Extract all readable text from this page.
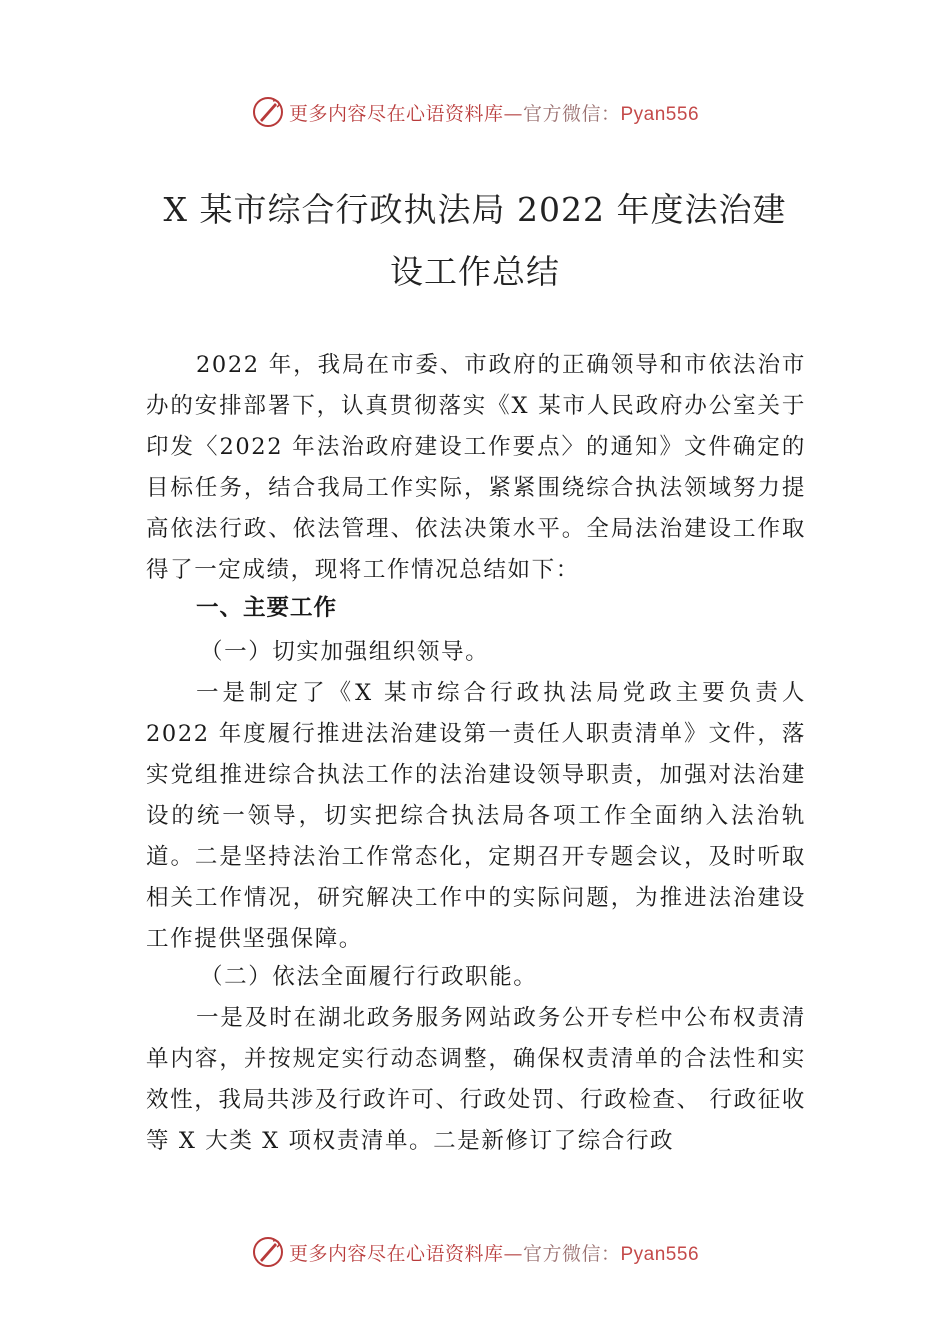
更多内容尽在心语资料库—官方微信：Pyan556
X 某市综合行政执法局 2022 年度法治建
设工作总结

2022 年，我局在市委、市政府的正确领导和市依法治市办的安排部署下，认真贯彻落实《X 某市人民政府办公室关于印发〈2022 年法治政府建设工作要点〉的通知》文件确定的目标任务，结合我局工作实际，紧紧围绕综合执法领域努力提高依法行政、依法管理、依法决策水平。全局法治建设工作取得了一定成绩，现将工作情况总结如下：

一、主要工作
（一）切实加强组织领导。

一是制定了《X 某市综合行政执法局党政主要负责人 2022 年度履行推进法治建设第一责任人职责清单》文件，落实党组推进综合执法工作的法治建设领导职责，加强对法治建设的统一领导，切实把综合执法局各项工作全面纳入法治轨道。二是坚持法治工作常态化，定期召开专题会议，及时听取相关工作情况，研究解决工作中的实际问题，为推进法治建设工作提供坚强保障。

（二）依法全面履行行政职能。

一是及时在湖北政务服务网站政务公开专栏中公布权责清单内容，并按规定实行动态调整，确保权责清单的合法性和实效性，我局共涉及行政许可、行政处罚、行政检查、 行政征收等 X 大类 X 项权责清单。二是新修订了综合行政

更多内容尽在心语资料库—官方微信：Pyan556
